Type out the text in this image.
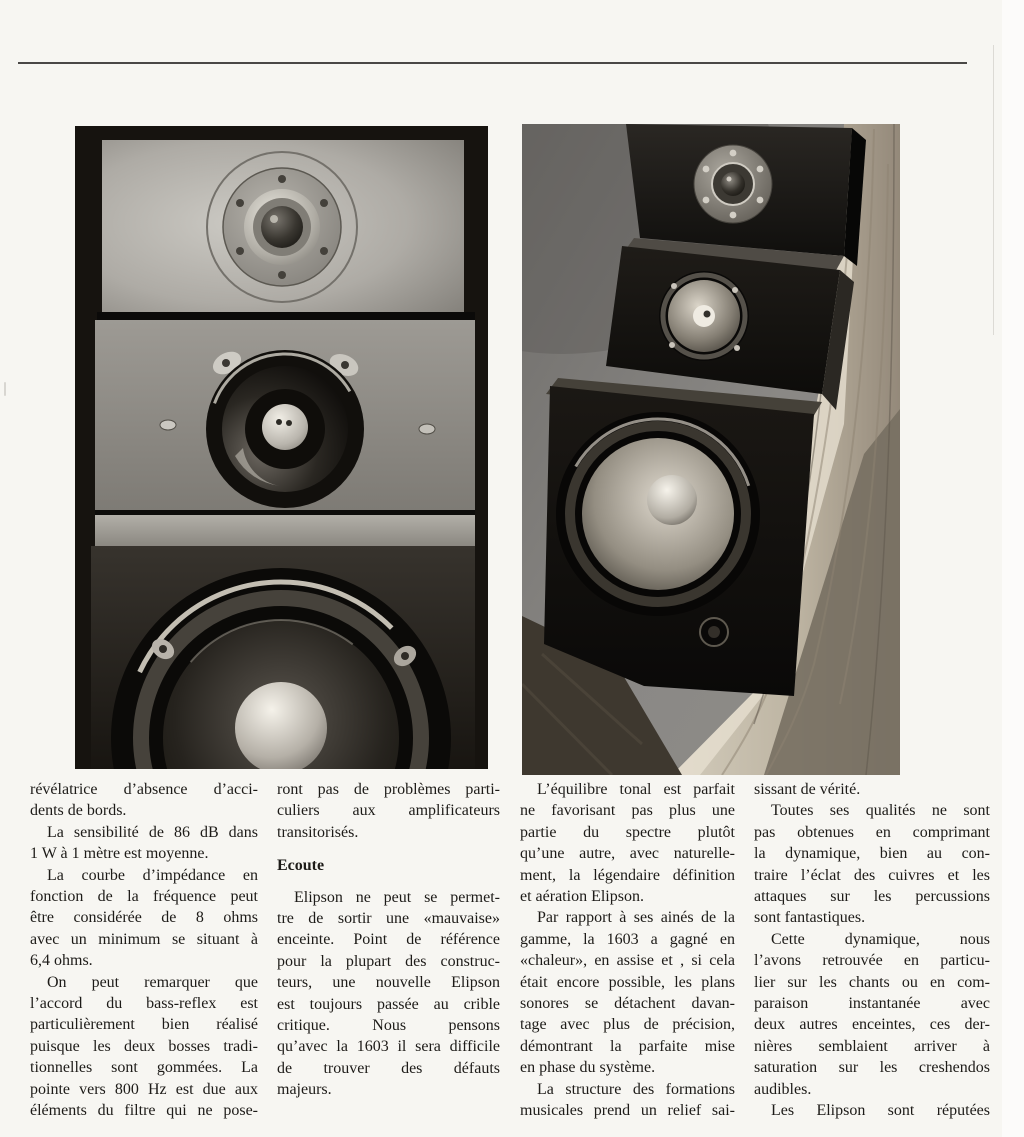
révélatrice d’absence d’acci-
dents de bords.
La sensibilité de 86 dB dans
1 W à 1 mètre est moyenne.
La courbe d’impédance en
fonction de la fréquence peut
être considérée de 8 ohms
avec un minimum se situant à
6,4 ohms.
On peut remarquer que
l’accord du bass-reflex est
particulièrement bien réalisé
puisque les deux bosses tradi-
tionnelles sont gommées. La
pointe vers 800 Hz est due aux
éléments du filtre qui ne pose-
ront pas de problèmes parti-
culiers aux amplificateurs
transitorisés.
Ecoute
Elipson ne peut se permet-
tre de sortir une «mauvaise»
enceinte. Point de référence
pour la plupart des construc-
teurs, une nouvelle Elipson
est toujours passée au crible
critique. Nous pensons
qu’avec la 1603 il sera difficile
de trouver des défauts
majeurs.
L’équilibre tonal est parfait
ne favorisant pas plus une
partie du spectre plutôt
qu’une autre, avec naturelle-
ment, la légendaire définition
et aération Elipson.
Par rapport à ses ainés de la
gamme, la 1603 a gagné en
«chaleur», en assise et , si cela
était encore possible, les plans
sonores se détachent davan-
tage avec plus de précision,
démontrant la parfaite mise
en phase du système.
La structure des formations
musicales prend un relief sai-
sissant de vérité.
Toutes ses qualités ne sont
pas obtenues en comprimant
la dynamique, bien au con-
traire l’éclat des cuivres et les
attaques sur les percussions
sont fantastiques.
Cette dynamique, nous
l’avons retrouvée en particu-
lier sur les chants ou en com-
paraison instantanée avec
deux autres enceintes, ces der-
nières semblaient arriver à
saturation sur les creshendos
audibles.
Les Elipson sont réputées
